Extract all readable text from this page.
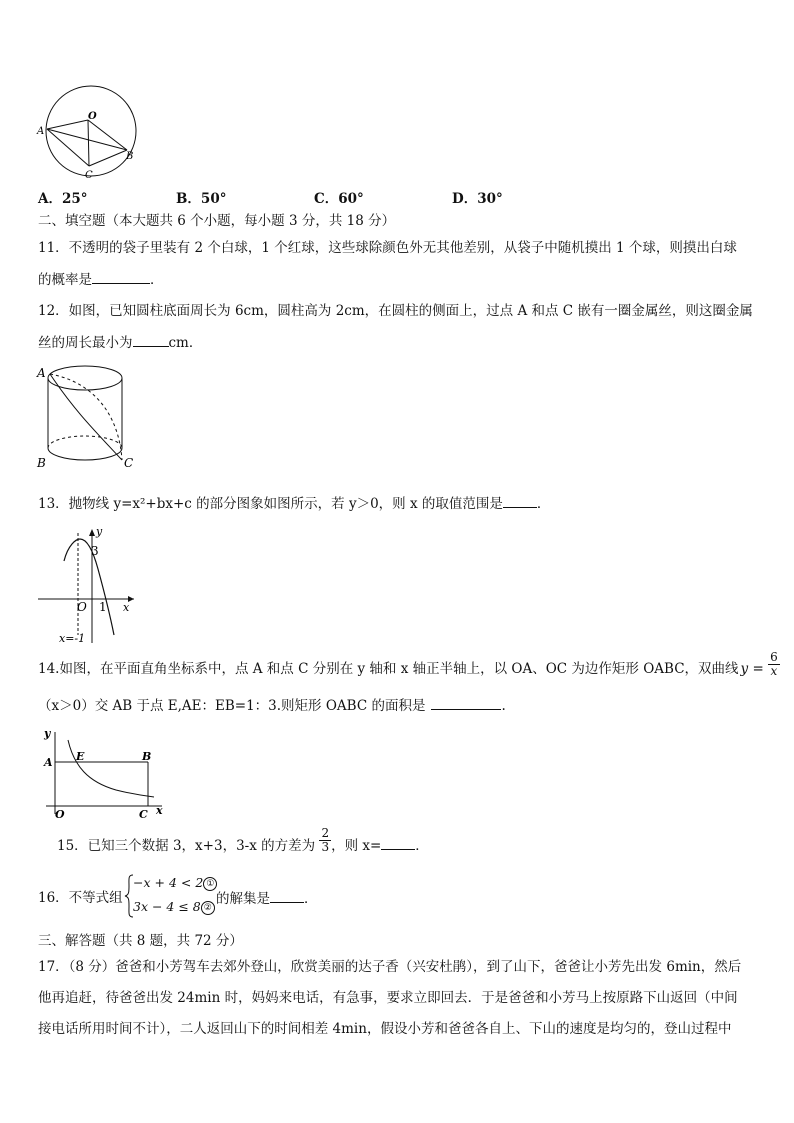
O
A
B
C
A．25°	B．50°	C．60°	D．30°
二、填空题（本大题共 6 个小题，每小题 3 分，共 18 分）
11．不透明的袋子里装有 2 个白球，1 个红球，这些球除颜色外无其他差别，从袋子中随机摸出 1 个球，则摸出白球
的概率是	．
12．如图，已知圆柱底面周长为 6cm，圆柱高为 2cm，在圆柱的侧面上，过点 A 和点 C 嵌有一圈金属丝，则这圈金属
丝的周长最小为	cm．
A
B	C
13．抛物线 y=x²+bx+c 的部分图象如图所示，若 y＞0，则 x 的取值范围是	．
y
3
O 1 x
x=-1
14.如图，在平面直角坐标系中，点 A 和点 C 分别在 y 轴和 x 轴正半轴上，以 OA、OC 为边作矩形 OABC，双曲线 $y = \frac{6}{x}$
（x＞0）交 AB 于点 E,AE：EB=1：3.则矩形 OABC 的面积是	.
y
A E	B
O	C x
15．已知三个数据 3，x+3，3-x 的方差为 $\frac{2}{3}$ ，则 x=	．
16．不等式组
−x + 4 < 2 ①
3x − 4 ≤ 8 ②
的解集是	．
三、解答题（共 8 题，共 72 分）
17．（8 分）爸爸和小芳驾车去郊外登山，欣赏美丽的达子香（兴安杜鹃），到了山下，爸爸让小芳先出发 6min，然后
他再追赶，待爸爸出发 24min 时，妈妈来电话，有急事，要求立即回去．于是爸爸和小芳马上按原路下山返回（中间
接电话所用时间不计），二人返回山下的时间相差 4min，假设小芳和爸爸各自上、下山的速度是均匀的，登山过程中
